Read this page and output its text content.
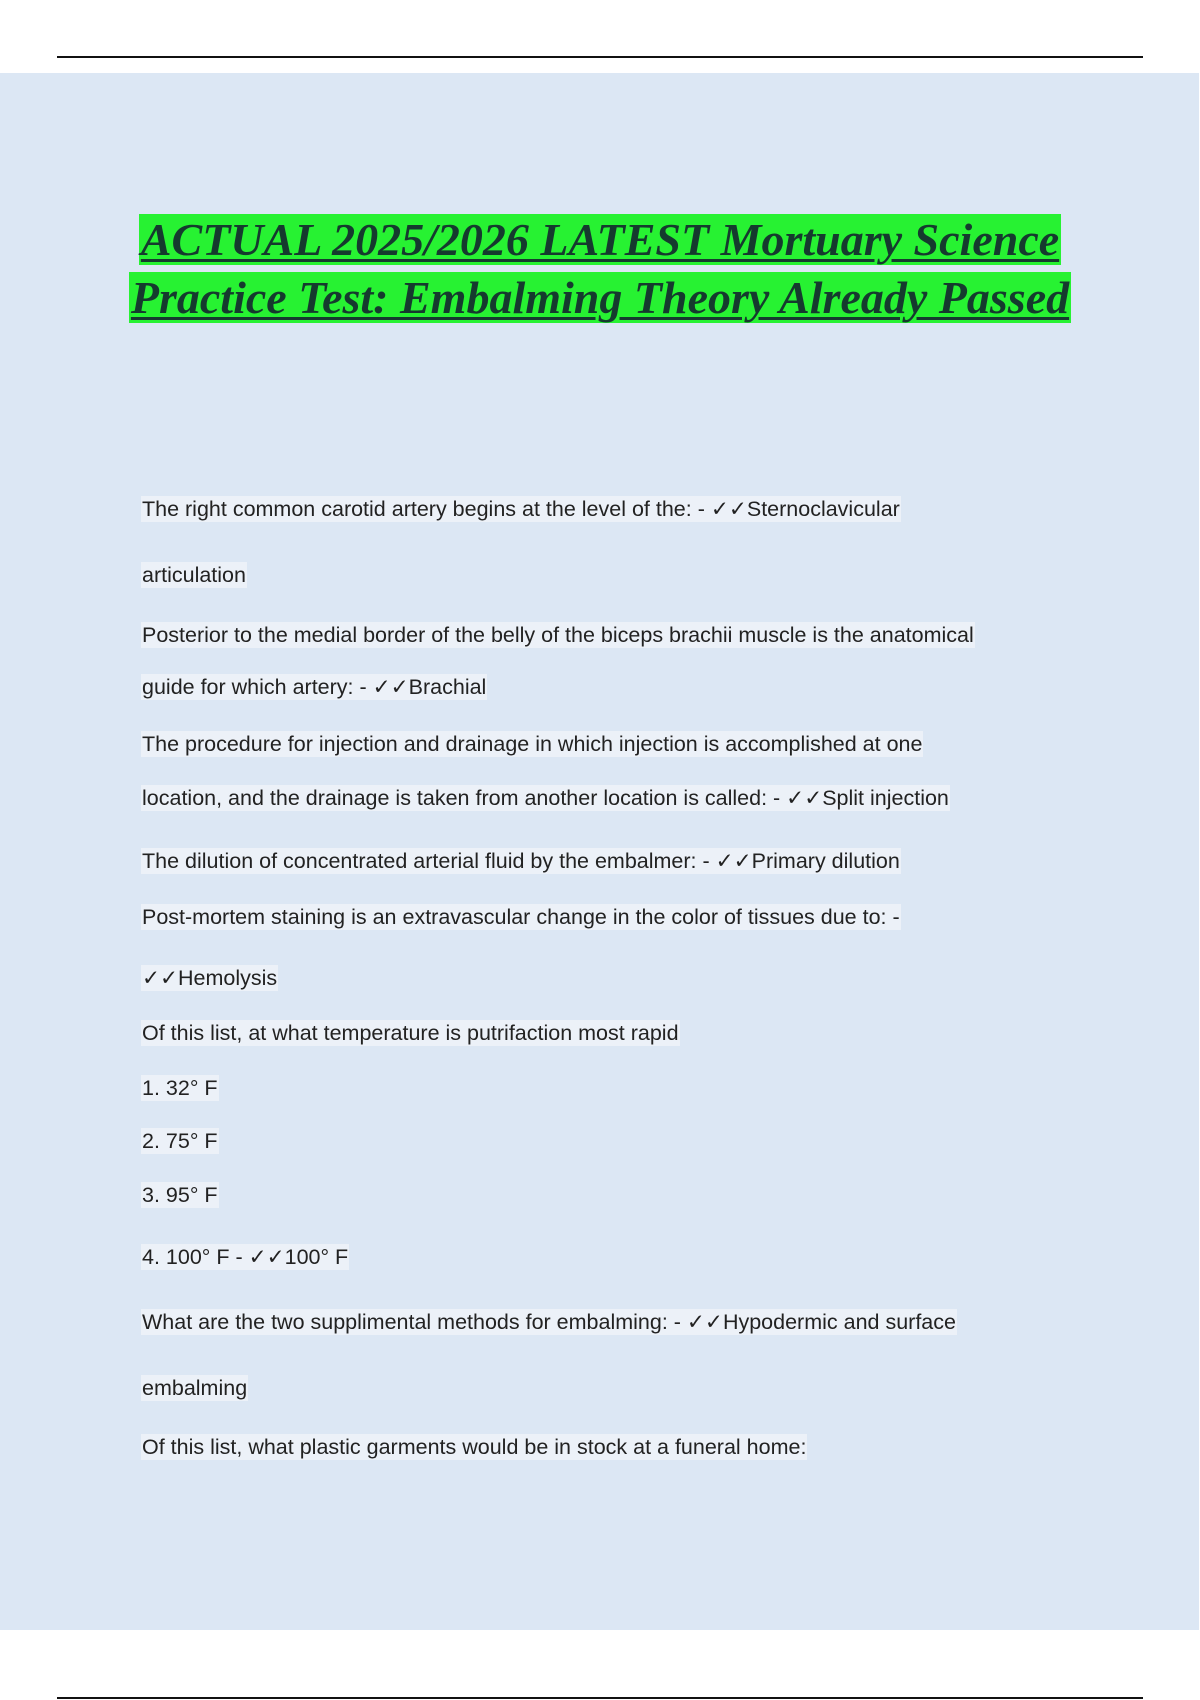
ACTUAL 2025/2026 LATEST Mortuary Science Practice Test: Embalming Theory Already Passed

The right common carotid artery begins at the level of the: - ✓✓Sternoclavicular

articulation

Posterior to the medial border of the belly of the biceps brachii muscle is the anatomical

guide for which artery: - ✓✓Brachial

The procedure for injection and drainage in which injection is accomplished at one

location, and the drainage is taken from another location is called: - ✓✓Split injection

The dilution of concentrated arterial fluid by the embalmer: - ✓✓Primary dilution

Post-mortem staining is an extravascular change in the color of tissues due to: -

✓✓Hemolysis

Of this list, at what temperature is putrifaction most rapid

1. 32° F

2. 75° F

3. 95° F

4. 100° F - ✓✓100° F

What are the two supplimental methods for embalming: - ✓✓Hypodermic and surface

embalming

Of this list, what plastic garments would be in stock at a funeral home:
